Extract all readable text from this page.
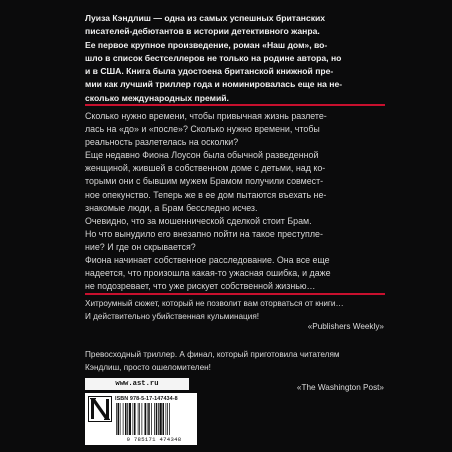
Луиза Кэндлиш — одна из самых успешных британских
писателей-дебютантов в истории детективного жанра.
Ее первое крупное произведение, роман «Наш дом», во-
шло в список бестселлеров не только на родине автора, но
и в США. Книга была удостоена британской книжной пре-
мии как лучший триллер года и номинировалась еще на не-
сколько международных премий.

Сколько нужно времени, чтобы привычная жизнь разлете-
лась на «до» и «после»? Сколько нужно времени, чтобы
реальность разлетелась на осколки?

Еще недавно Фиона Лоусон была обычной разведенной
женщиной, жившей в собственном доме с детьми, над ко-
торыми они с бывшим мужем Брамом получили совмест-
ное опекунство. Теперь же в ее дом пытаются въехать не-
знакомые люди, а Брам бесследно исчез.

Очевидно, что за мошеннической сделкой стоит Брам.
Но что вынудило его внезапно пойти на такое преступле-
ние? И где он скрывается?

Фиона начинает собственное расследование. Она все еще
надеется, что произошла какая-то ужасная ошибка, и даже
не подозревает, что уже рискует собственной жизнью…

Хитроумный сюжет, который не позволит вам оторваться от книги…
И действительно убийственная кульминация!
«Publishers Weekly»
Превосходный триллер. А финал, который приготовила читателям
Кэндлиш, просто ошеломителен!
www.ast.ru	«The Washington Post»
ISBN 978-5-17-147434-8
9 785171 474348
